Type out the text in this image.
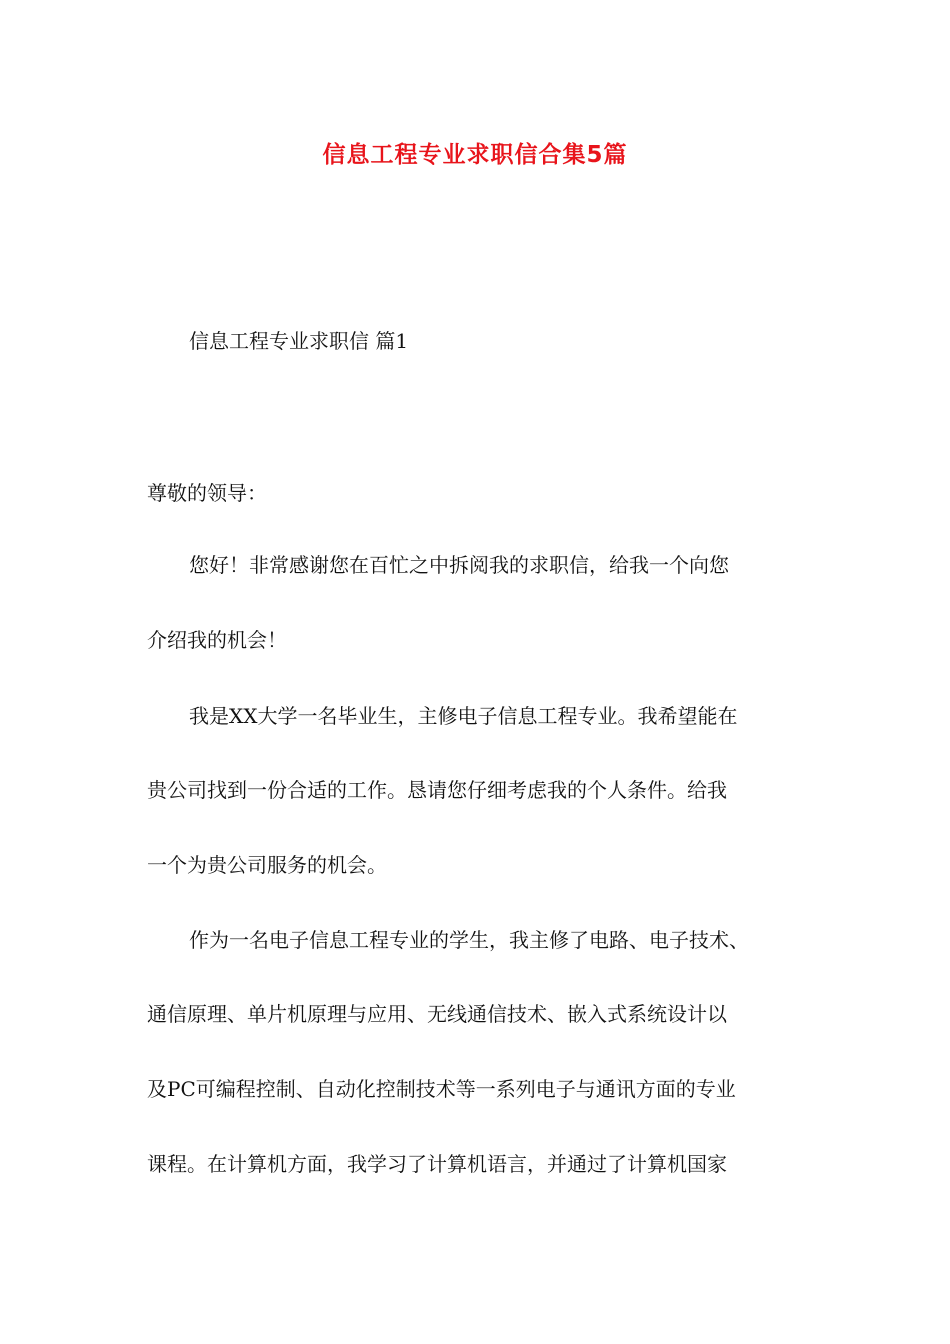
信息工程专业求职信合集5篇
信息工程专业求职信 篇1
尊敬的领导：
您好！非常感谢您在百忙之中拆阅我的求职信，给我一个向您
介绍我的机会！
我是XX大学一名毕业生，主修电子信息工程专业。我希望能在
贵公司找到一份合适的工作。恳请您仔细考虑我的个人条件。给我
一个为贵公司服务的机会。
作为一名电子信息工程专业的学生，我主修了电路、电子技术、
通信原理、单片机原理与应用、无线通信技术、嵌入式系统设计以
及PC可编程控制、自动化控制技术等一系列电子与通讯方面的专业
课程。在计算机方面，我学习了计算机语言，并通过了计算机国家
